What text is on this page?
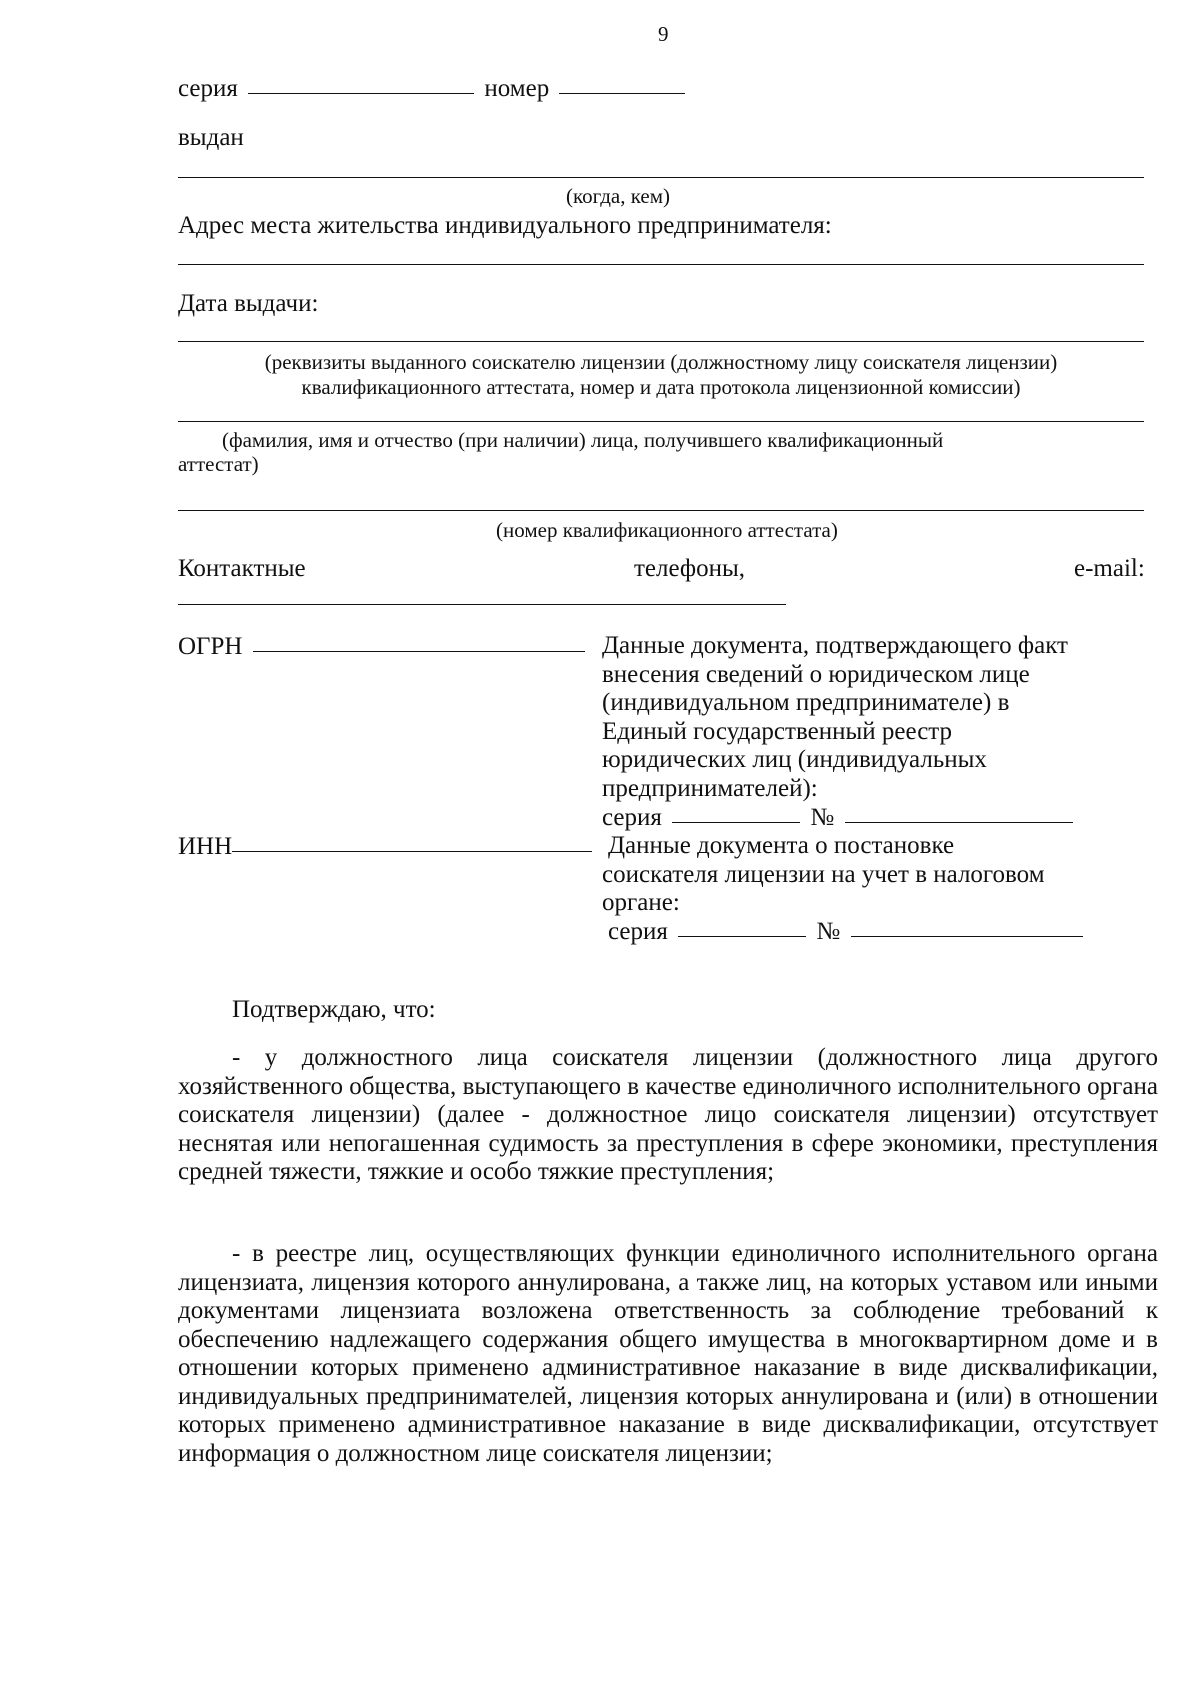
9
серия	номер
выдан
(когда, кем)
Адрес места жительства индивидуального предпринимателя:
Дата выдачи:
(реквизиты выданного соискателю лицензии (должностному лицу соискателя лицензии)
квалификационного аттестата, номер и дата протокола лицензионной комиссии)
(фамилия, имя и отчество (при наличии) лица, получившего квалификационный
аттестат)
(номер квалификационного аттестата)
Контактные	телефоны,	e-mail:
ОГРН	Данные документа, подтверждающего факт
внесения сведений о юридическом лице
(индивидуальном предпринимателе) в
Единый государственный реестр
юридических лиц (индивидуальных
предпринимателей):
серия	№
ИНН	Данные документа о постановке
соискателя лицензии на учет в налоговом
органе:
серия	№
Подтверждаю, что:
- у должностного лица соискателя лицензии (должностного лица другого хозяйственного общества, выступающего в качестве единоличного исполнительного органа соискателя лицензии) (далее - должностное лицо соискателя лицензии) отсутствует неснятая или непогашенная судимость за преступления в сфере экономики, преступления средней тяжести, тяжкие и особо тяжкие преступления;
- в реестре лиц, осуществляющих функции единоличного исполнительного органа лицензиата, лицензия которого аннулирована, а также лиц, на которых уставом или иными документами лицензиата возложена ответственность за соблюдение требований к обеспечению надлежащего содержания общего имущества в многоквартирном доме и в отношении которых применено административное наказание в виде дисквалификации, индивидуальных предпринимателей, лицензия которых аннулирована и (или) в отношении которых применено административное наказание в виде дисквалификации, отсутствует информация о должностном лице соискателя лицензии;
